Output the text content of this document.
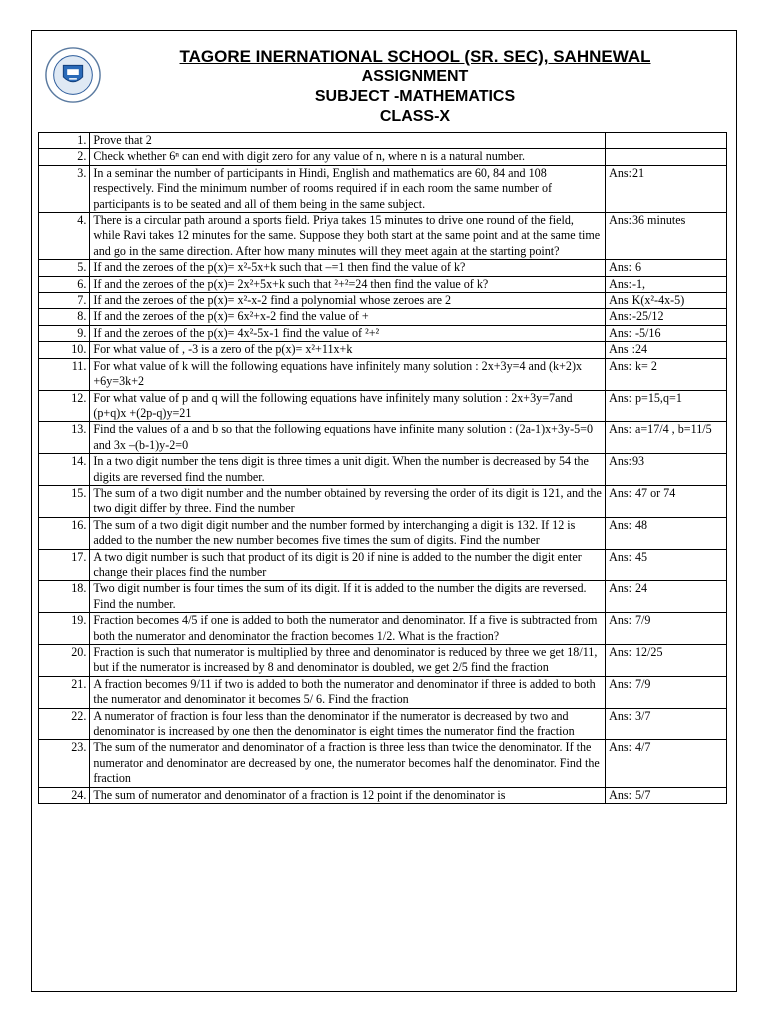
TAGORE INERNATIONAL SCHOOL (SR. SEC), SAHNEWAL
ASSIGNMENT
SUBJECT -MATHEMATICS
CLASS-X
1.	Prove that 2	
2.	Check whether 6ⁿ can end with digit zero for any value of n, where n is a natural number.	
3.	In a seminar the number of participants in Hindi, English and mathematics are 60, 84 and 108 respectively. Find the minimum number of rooms required if in each room the same number of participants is to be seated and all of them being in the same subject.	Ans:21
4.	There is a circular path around a sports field. Priya takes 15 minutes to drive one round of the field, while Ravi takes 12 minutes for the same. Suppose they both start at the same point and at the same time and go in the same direction. After how many minutes will they meet again at the starting point?	Ans:36 minutes
5.	If and the zeroes of the p(x)= x²-5x+k such that –=1 then find the value of k?	Ans: 6
6.	If and the zeroes of the p(x)= 2x²+5x+k such that ²+²=24 then find the value of k?	Ans:-1,
7.	If and the zeroes of the p(x)= x²-x-2 find a polynomial whose zeroes are 2	Ans K(x²-4x-5)
8.	If and the zeroes of the p(x)= 6x²+x-2 find the value of +	Ans:-25/12
9.	If and the zeroes of the p(x)= 4x²-5x-1 find the value of ²+²	Ans: -5/16
10.	For what value of , -3 is a zero of the p(x)= x²+11x+k	Ans :24
11.	For what value of k will the following equations have infinitely many solution : 2x+3y=4 and (k+2)x +6y=3k+2	Ans: k= 2
12.	For what value of p and q will the following equations have infinitely many solution : 2x+3y=7and (p+q)x +(2p-q)y=21	Ans: p=15,q=1
13.	Find the values of a and b so that the following equations have infinite many solution : (2a-1)x+3y-5=0 and 3x –(b-1)y-2=0	Ans: a=17/4 , b=11/5
14.	In a two digit number the tens digit is three times a unit digit. When the number is decreased by 54 the digits are reversed find the number.	Ans:93
15.	The sum of a two digit number and the number obtained by reversing the order of its digit is 121, and the two digit differ by three. Find the number	Ans: 47 or 74
16.	The sum of a two digit digit number and the number formed by interchanging a digit is 132. If 12 is added to the number the new number becomes five times the sum of digits. Find the number	Ans: 48
17.	A two digit number is such that product of its digit is 20 if nine is added to the number the digit enter change their places find the number	Ans: 45
18.	Two digit number is four times the sum of its digit. If it is added to the number the digits are reversed. Find the number.	Ans: 24
19.	Fraction becomes 4/5 if one is added to both the numerator and denominator. If a five is subtracted from both the numerator and denominator the fraction becomes 1/2. What is the fraction?	Ans: 7/9
20.	Fraction is such that numerator is multiplied by three and denominator is reduced by three we get 18/11, but if the numerator is increased by 8 and denominator is doubled, we get 2/5 find the fraction	Ans: 12/25
21.	A fraction becomes 9/11 if two is added to both the numerator and denominator if three is added to both the numerator and denominator it becomes 5/ 6. Find the fraction	Ans: 7/9
22.	A numerator of fraction is four less than the denominator if the numerator is decreased by two and denominator is increased by one then the denominator is eight times the numerator find the fraction	Ans: 3/7
23.	The sum of the numerator and denominator of a fraction is three less than twice the denominator. If the numerator and denominator are decreased by one, the numerator becomes half the denominator. Find the fraction	Ans: 4/7
24.	The sum of numerator and denominator of a fraction is 12 point if the denominator is	Ans: 5/7
